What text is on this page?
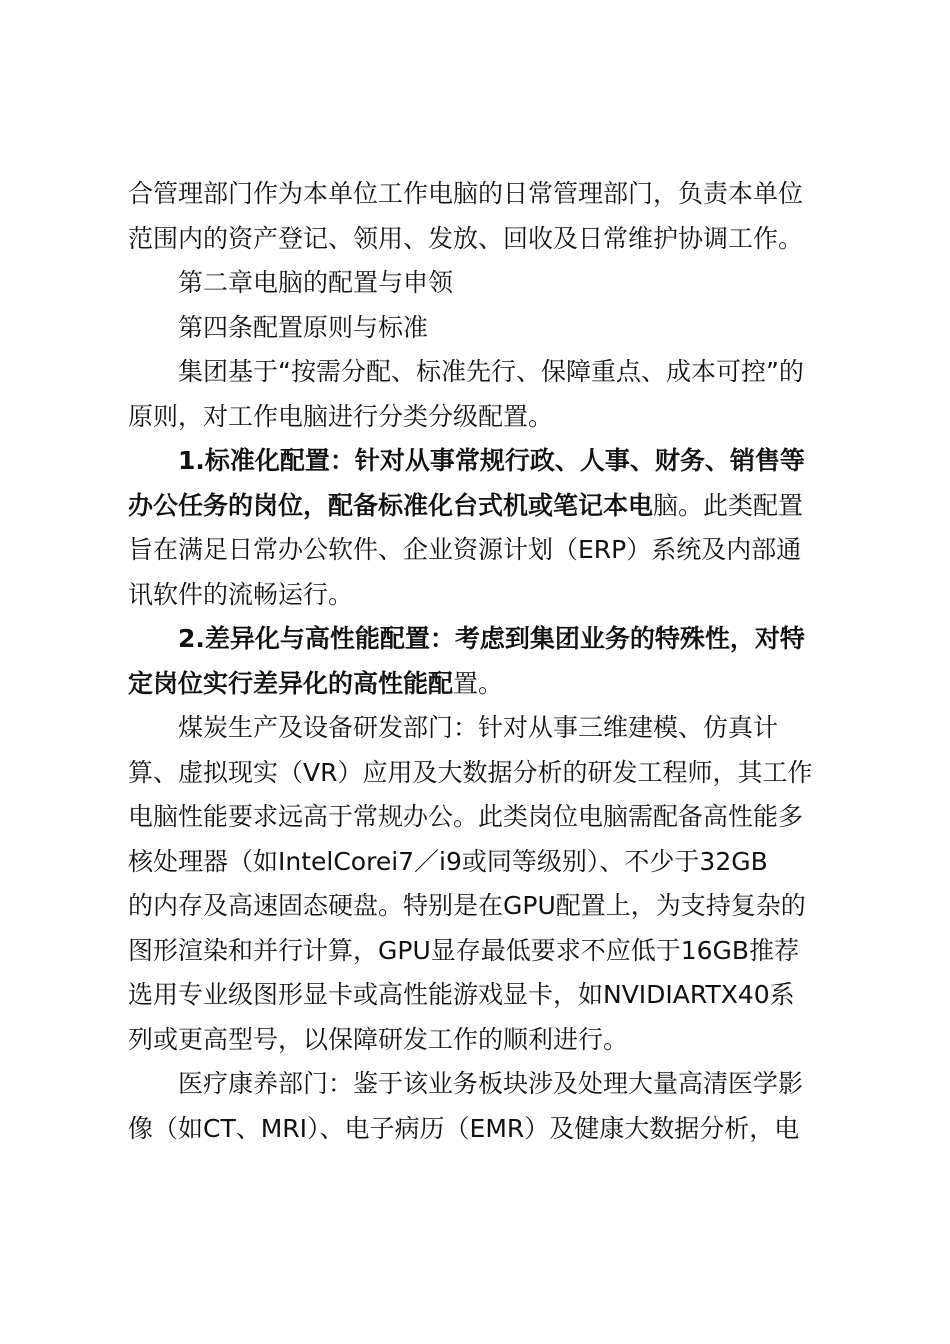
合管理部门作为本单位工作电脑的日常管理部门，负责本单位
范围内的资产登记、领用、发放、回收及日常维护协调工作。
第二章电脑的配置与申领
第四条配置原则与标准
集团基于“按需分配、标准先行、保障重点、成本可控”的
原则，对工作电脑进行分类分级配置。
1.标准化配置：针对从事常规行政、人事、财务、销售等
办公任务的岗位，配备标准化台式机或笔记本电脑。此类配置
旨在满足日常办公软件、企业资源计划（ERP）系统及内部通
讯软件的流畅运行。
2.差异化与高性能配置：考虑到集团业务的特殊性，对特
定岗位实行差异化的高性能配置。
煤炭生产及设备研发部门：针对从事三维建模、仿真计
算、虚拟现实（VR）应用及大数据分析的研发工程师，其工作
电脑性能要求远高于常规办公。此类岗位电脑需配备高性能多
核处理器（如IntelCorei7／i9或同等级别）、不少于32GB
的内存及高速固态硬盘。特别是在GPU配置上，为支持复杂的
图形渲染和并行计算，GPU显存最低要求不应低于16GB推荐
选用专业级图形显卡或高性能游戏显卡，如NVIDIARTX40系
列或更高型号，以保障研发工作的顺利进行。
医疗康养部门：鉴于该业务板块涉及处理大量高清医学影
像（如CT、MRI）、电子病历（EMR）及健康大数据分析，电
